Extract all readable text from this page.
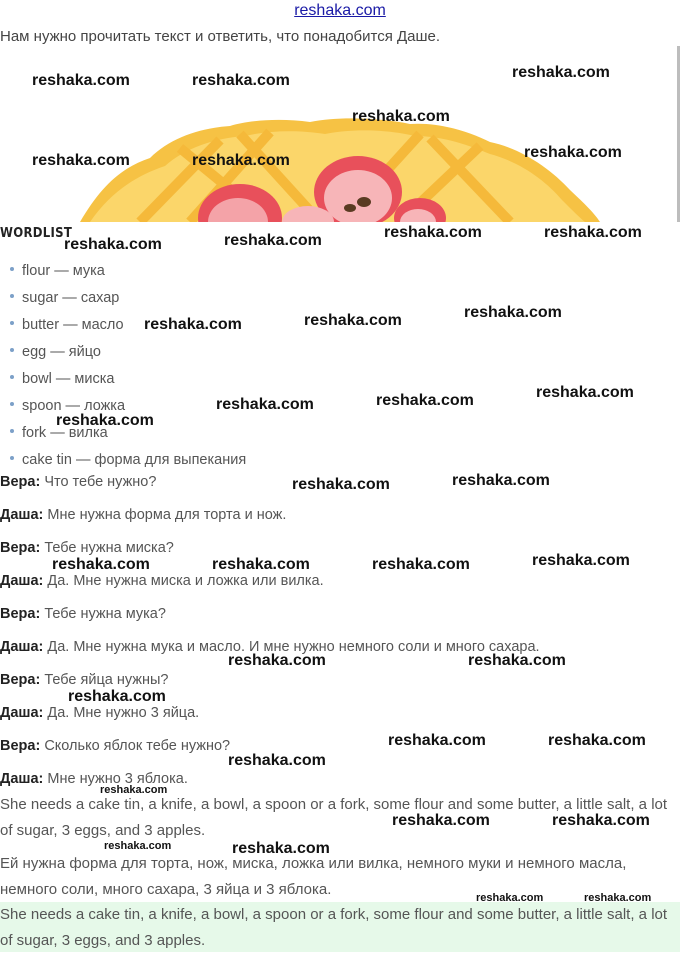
reshaka.com
Нам нужно прочитать текст и ответить, что понадобится Даше.
WORDLIST
flour — мука
sugar — сахар
butter — масло
egg — яйцо
bowl — миска
spoon — ложка
fork — вилка
cake tin — форма для выпекания
Вера: Что тебе нужно?
Даша: Мне нужна форма для торта и нож.
Вера: Тебе нужна миска?
Даша: Да. Мне нужна миска и ложка или вилка.
Вера: Тебе нужна мука?
Даша: Да. Мне нужна мука и масло. И мне нужно немного соли и много сахара.
Вера: Тебе яйца нужны?
Даша: Да. Мне нужно 3 яйца.
Вера: Сколько яблок тебе нужно?
Даша: Мне нужно 3 яблока.
She needs a cake tin, a knife, a bowl, a spoon or a fork, some flour and some butter, a little salt, a lot of sugar, 3 eggs, and 3 apples.
Ей нужна форма для торта, нож, миска, ложка или вилка, немного муки и немного масла, немного соли, много сахара, 3 яйца и 3 яблока.
She needs a cake tin, a knife, a bowl, a spoon or a fork, some flour and some butter, a little salt, a lot of sugar, 3 eggs, and 3 apples.
reshaka.com	reshaka.com	reshaka.com
reshaka.com
reshaka.com	reshaka.com	reshaka.com
reshaka.com	reshaka.com	reshaka.com	reshaka.com
reshaka.com	reshaka.com	reshaka.com
reshaka.com	reshaka.com	reshaka.com
reshaka.com
reshaka.com	reshaka.com
reshaka.com	reshaka.com	reshaka.com	reshaka.com
reshaka.com	reshaka.com
reshaka.com
reshaka.com	reshaka.com
reshaka.com
reshaka.com
reshaka.com	reshaka.com
reshaka.com	reshaka.com
reshaka.com	reshaka.com
